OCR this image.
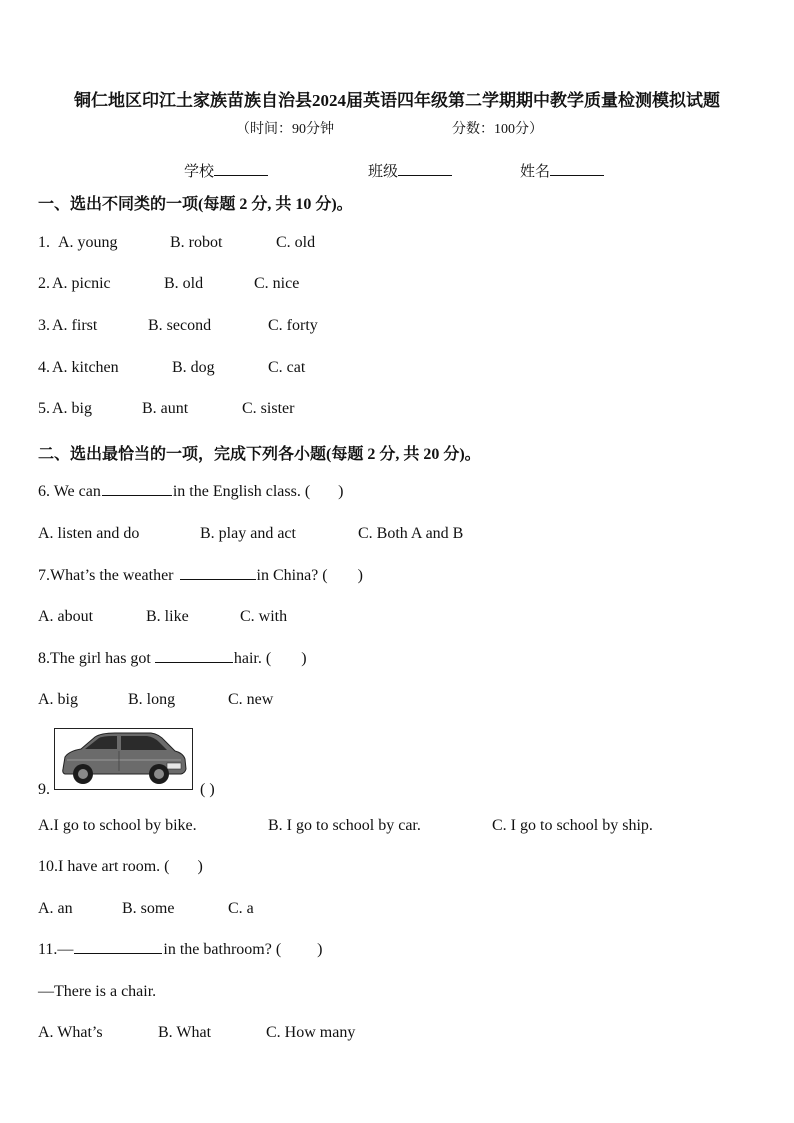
铜仁地区印江土家族苗族自治县2024届英语四年级第二学期期中教学质量检测模拟试题
（时间：90分钟	分数：100分）
学校	班级	姓名
一、选出不同类的一项(每题 2 分, 共 10 分)。
1. A. young	B. robot	C. old
2. A. picnic	B. old	C. nice
3. A. first	B. second	C. forty
4. A. kitchen	B. dog	C. cat
5. A. big	B. aunt	C. sister
二、选出最恰当的一项，完成下列各小题(每题 2 分, 共 20 分)。
6. We can	in the English class. ( )
A. listen and do	B. play and act	C. Both A and B
7.What’s the weather	in China? ( )
A. about	B. like	C. with
8.The girl has got	hair. ( )
A. big	B. long	C. new
9.	( )
A.I go to school by bike.	B. I go to school by car.	C. I go to school by ship.
10.I have art room. ( )
A. an	B. some	C. a
11.—	in the bathroom? ( )
—There is a chair.
A. What’s	B. What	C. How many
